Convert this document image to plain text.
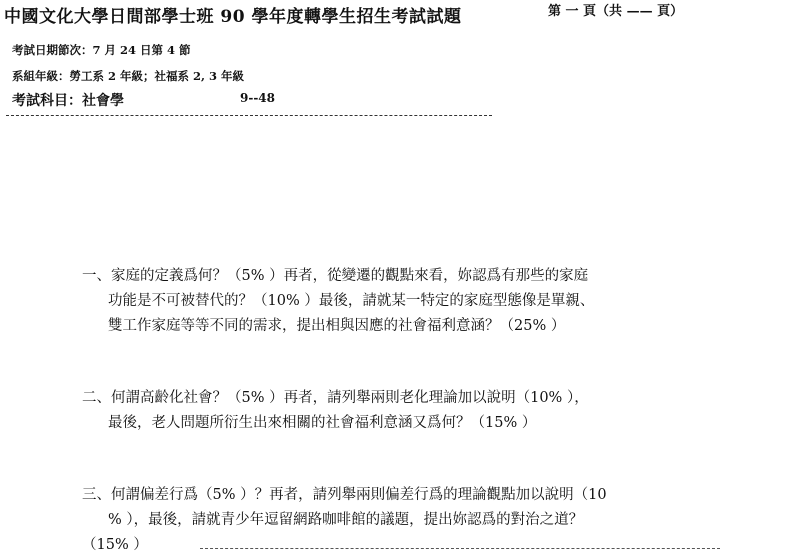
中國文化大學日間部學士班 90 學年度轉學生招生考試試題	第 一 頁（共 —— 頁）
考試日期節次：7 月 24 日第 4 節
系組年級：勞工系 2 年級；社福系 2, 3 年級
考試科目：社會學	9--48
一、家庭的定義爲何？（5% ）再者，從變遷的觀點來看，妳認爲有那些的家庭
功能是不可被替代的？（10% ）最後，請就某一特定的家庭型態像是單親、
雙工作家庭等等不同的需求，提出相與因應的社會福利意涵？（25% ）
二、何謂高齡化社會？（5% ）再者，請列舉兩則老化理論加以說明（10% ），
最後，老人問題所衍生出來相關的社會福利意涵又爲何？（15% ）
三、何謂偏差行爲（5% ）？再者，請列舉兩則偏差行爲的理論觀點加以說明（10
% ），最後，請就青少年逗留網路咖啡館的議題，提出妳認爲的對治之道？
（15% ）
